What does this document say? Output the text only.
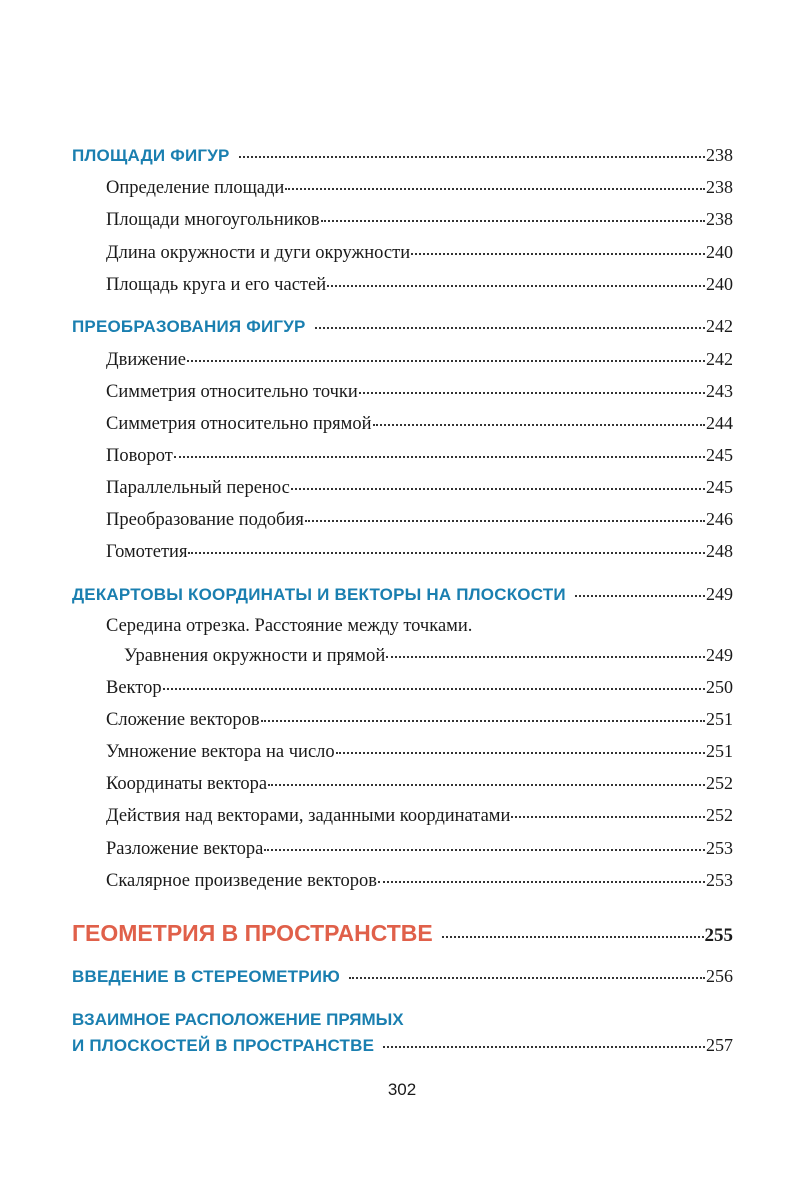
ПЛОЩАДИ ФИГУР	238
Определение площади	238
Площади многоугольников	238
Длина окружности и дуги окружности	240
Площадь круга и его частей	240
ПРЕОБРАЗОВАНИЯ ФИГУР	242
Движение	242
Симметрия относительно точки	243
Симметрия относительно прямой	244
Поворот	245
Параллельный перенос	245
Преобразование подобия	246
Гомотетия	248
ДЕКАРТОВЫ КООРДИНАТЫ И ВЕКТОРЫ НА ПЛОСКОСТИ	249
Середина отрезка. Расстояние между точками.
Уравнения окружности и прямой	249
Вектор	250
Сложение векторов	251
Умножение вектора на число	251
Координаты вектора	252
Действия над векторами, заданными координатами	252
Разложение вектора	253
Скалярное произведение векторов	253
ГЕОМЕТРИЯ В ПРОСТРАНСТВЕ	255
ВВЕДЕНИЕ В СТЕРЕОМЕТРИЮ	256
ВЗАИМНОЕ РАСПОЛОЖЕНИЕ ПРЯМЫХ
И ПЛОСКОСТЕЙ В ПРОСТРАНСТВЕ	257
302
